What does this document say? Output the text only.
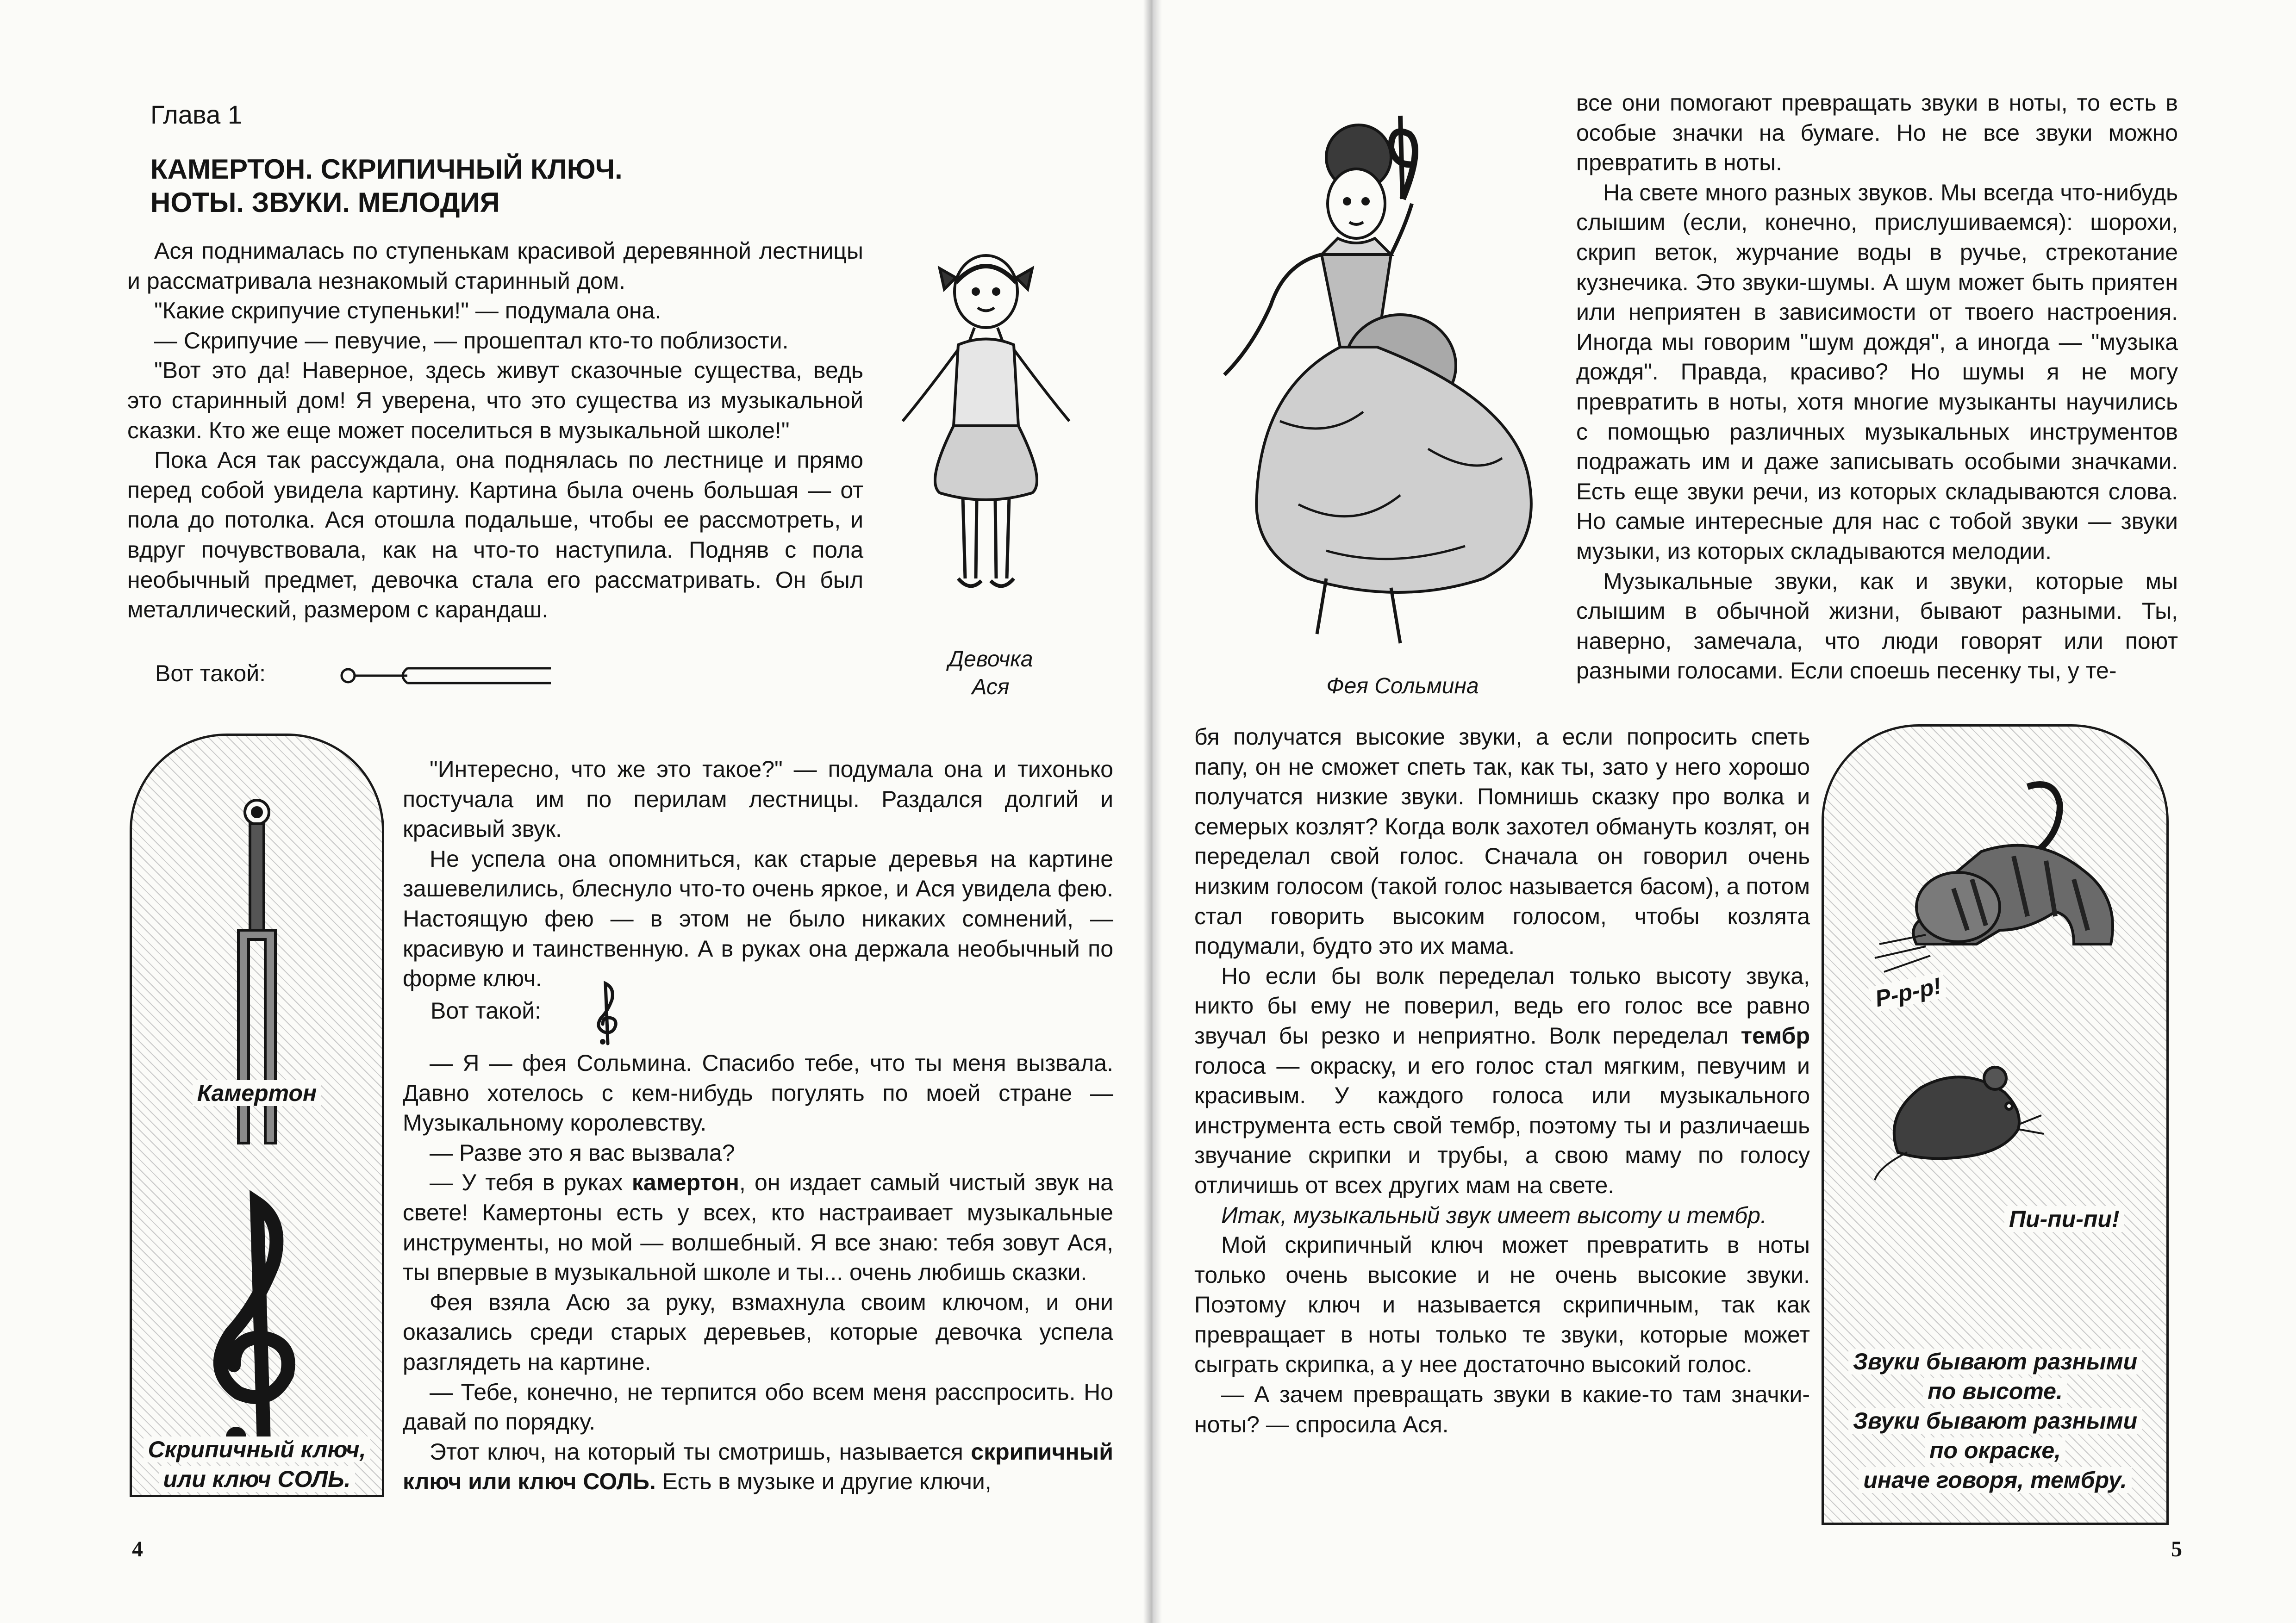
Глава 1
КАМЕРТОН. СКРИПИЧНЫЙ КЛЮЧ.
НОТЫ. ЗВУКИ. МЕЛОДИЯ

Ася поднималась по ступенькам красивой деревянной лестницы и рассматривала незнакомый старинный дом.

"Какие скрипучие ступеньки!" — подумала она.

— Скрипучие — певучие, — прошептал кто-то поблизости.

"Вот это да! Наверное, здесь живут сказочные существа, ведь это старинный дом! Я уверена, что это существа из музыкальной сказки. Кто же еще может поселиться в музыкальной школе!"

Пока Ася так рассуждала, она поднялась по лестнице и прямо перед собой увидела картину. Картина была очень большая — от пола до потолка. Ася отошла подальше, чтобы ее рассмотреть, и вдруг почувствовала, как на что-то наступила. Подняв с пола необычный предмет, девочка стала его рассматривать. Он был металлический, размером с карандаш.

Девочка
Ася
Вот такой:
Камертон
Скрипичный ключ,
или ключ СОЛЬ.

"Интересно, что же это такое?" — подумала она и тихонько постучала им по перилам лестницы. Раздался долгий и красивый звук.

Не успела она опомниться, как старые деревья на картине зашевелились, блеснуло что-то очень яркое, и Ася увидела фею. Настоящую фею — в этом не было никаких сомнений, — красивую и таинственную. А в руках она держала необычный по форме ключ.

Вот такой:

— Я — фея Сольмина. Спасибо тебе, что ты меня вызвала. Давно хотелось с кем-нибудь погулять по моей стране — Музыкальному королевству.

— Разве это я вас вызвала?

— У тебя в руках камертон, он издает самый чистый звук на свете! Камертоны есть у всех, кто настраивает музыкальные инструменты, но мой — волшебный. Я все знаю: тебя зовут Ася, ты впервые в музыкальной школе и ты... очень любишь сказки.

Фея взяла Асю за руку, взмахнула своим ключом, и они оказались среди старых деревьев, которые девочка успела разглядеть на картине.

— Тебе, конечно, не терпится обо всем меня расспросить. Но давай по порядку.

Этот ключ, на который ты смотришь, называется скрипичный ключ или ключ СОЛЬ. Есть в музыке и другие ключи,

4
Фея Сольмина

все они помогают превращать звуки в ноты, то есть в особые значки на бумаге. Но не все звуки можно превратить в ноты.

На свете много разных звуков. Мы всегда что-нибудь слышим (если, конечно, прислушиваемся): шорохи, скрип веток, журчание воды в ручье, стрекотание кузнечика. Это звуки-шумы. А шум может быть приятен или неприятен в зависимости от твоего настроения. Иногда мы говорим "шум дождя", а иногда — "музыка дождя". Правда, красиво? Но шумы я не могу превратить в ноты, хотя многие музыканты научились с помощью различных музыкальных инструментов подражать им и даже записывать особыми значками. Есть еще звуки речи, из которых складываются слова. Но самые интересные для нас с тобой звуки — звуки музыки, из которых складываются мелодии.

Музыкальные звуки, как и звуки, которые мы слышим в обычной жизни, бывают разными. Ты, наверно, замечала, что люди говорят или поют разными голосами. Если споешь песенку ты, у те-

бя получатся высокие звуки, а если попросить спеть папу, он не сможет спеть так, как ты, зато у него хорошо получатся низкие звуки. Помнишь сказку про волка и семерых козлят? Когда волк захотел обмануть козлят, он переделал свой голос. Сначала он говорил очень низким голосом (такой голос называется басом), а потом стал говорить высоким голосом, чтобы козлята подумали, будто это их мама.

Но если бы волк переделал только высоту звука, никто бы ему не поверил, ведь его голос все равно звучал бы резко и неприятно. Волк переделал тембр голоса — окраску, и его голос стал мягким, певучим и красивым. У каждого голоса или музыкального инструмента есть свой тембр, поэтому ты и различаешь звучание скрипки и трубы, а свою маму по голосу отличишь от всех других мам на свете.

Итак, музыкальный звук имеет высоту и тембр.

Мой скрипичный ключ может превратить в ноты только очень высокие и не очень высокие звуки. Поэтому ключ и называется скрипичным, так как превращает в ноты только те звуки, которые может сыграть скрипка, а у нее достаточно высокий голос.

— А зачем превращать звуки в какие-то там значки-ноты? — спросила Ася.

Р-р-р!
Пи-пи-пи!
Звуки бывают разными
по высоте.
Звуки бывают разными
по окраске,
иначе говоря, тембру.
5
